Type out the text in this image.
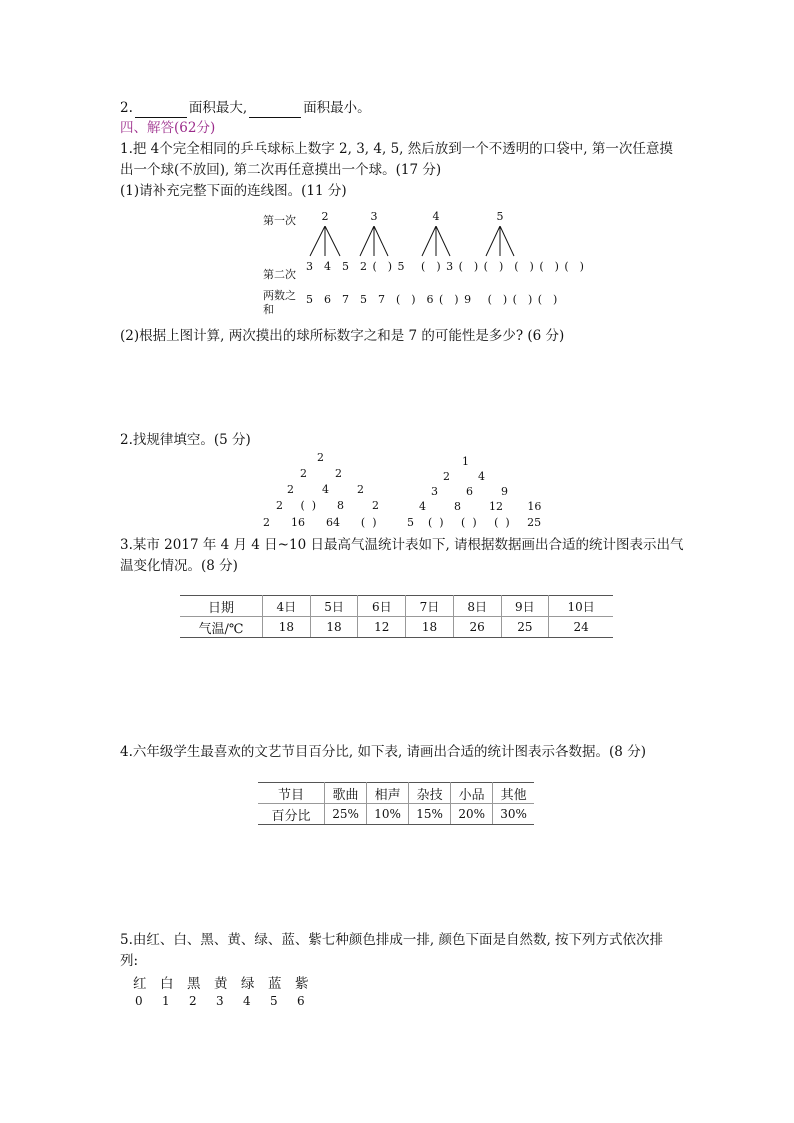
2.	面积最大,	面积最小。
四、解答(62分)
1.把 4个完全相同的乒乓球标上数字 2, 3, 4, 5, 然后放到一个不透明的口袋中, 第一次任意摸
出一个球(不放回), 第二次再任意摸出一个球。(17 分)
(1)请补充完整下面的连线图。(11 分)
第一次	2	3	4	5
第二次
3  4  5  2 (  ) 5   (  ) 3 (  ) (  )  (  ) (  ) (  )
两数之
和
5  6  7  5  7  (  )  6 (  ) 9   (  ) (  ) (  )
(2)根据上图计算, 两次摸出的球所标数字之和是 7 的可能性是多少? (6 分)
2.找规律填空。(5 分)
2
2        2
2        4        2
2     (  )      8        2
2      16      64      (  )
1
2        4
3        6        9
4        8        12       16
5    (  )     (  )     (  )     25
3.某市 2017 年 4 月 4 日~10 日最高气温统计表如下, 请根据数据画出合适的统计图表示出气
温变化情况。(8 分)
日期	4日	5日	6日	7日	8日	9日	10日
气温/℃	18	18	12	18	26	25	24
4.六年级学生最喜欢的文艺节目百分比, 如下表, 请画出合适的统计图表示各数据。(8 分)
节目	歌曲	相声	杂技	小品	其他
百分比	25%	10%	15%	20%	30%
5.由红、白、黑、黄、绿、蓝、紫七种颜色排成一排, 颜色下面是自然数, 按下列方式依次排
列:
红 白 黑 黄 绿 蓝 紫
0 1 2 3 4 5 6
